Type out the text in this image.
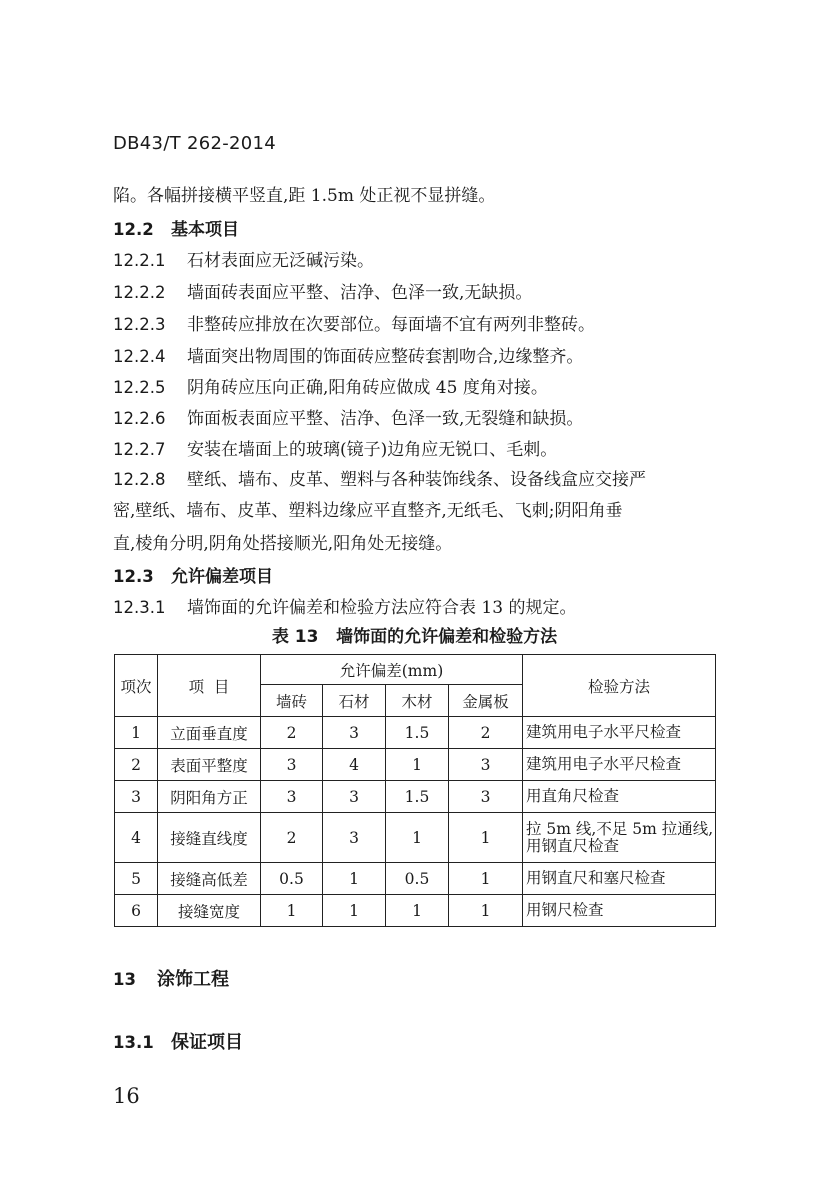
DB43/T 262-2014
陷。各幅拼接横平竖直,距 1.5m 处正视不显拼缝。
12.2 基本项目
12.2.1 石材表面应无泛碱污染。
12.2.2 墙面砖表面应平整、洁净、色泽一致,无缺损。
12.2.3 非整砖应排放在次要部位。每面墙不宜有两列非整砖。
12.2.4 墙面突出物周围的饰面砖应整砖套割吻合,边缘整齐。
12.2.5 阴角砖应压向正确,阳角砖应做成 45 度角对接。
12.2.6 饰面板表面应平整、洁净、色泽一致,无裂缝和缺损。
12.2.7 安装在墙面上的玻璃(镜子)边角应无锐口、毛刺。
12.2.8 壁纸、墙布、皮革、塑料与各种装饰线条、设备线盒应交接严
密,壁纸、墙布、皮革、塑料边缘应平直整齐,无纸毛、飞刺;阴阳角垂
直,棱角分明,阴角处搭接顺光,阳角处无接缝。
12.3 允许偏差项目
12.3.1 墙饰面的允许偏差和检验方法应符合表 13 的规定。
表 13   墙饰面的允许偏差和检验方法
项次	项  目	允许偏差(mm)				检验方法
		墙砖	石材	木材	金属板	
1	立面垂直度	2	3	1.5	2	建筑用电子水平尺检查
2	表面平整度	3	4	1	3	建筑用电子水平尺检查
3	阴阳角方正	3	3	1.5	3	用直角尺检查
4	接缝直线度	2	3	1	1	拉 5m 线,不足 5m 拉通线,用钢直尺检查
5	接缝高低差	0.5	1	0.5	1	用钢直尺和塞尺检查
6	接缝宽度	1	1	1	1	用钢尺检查
13 涂饰工程
13.1 保证项目
16
